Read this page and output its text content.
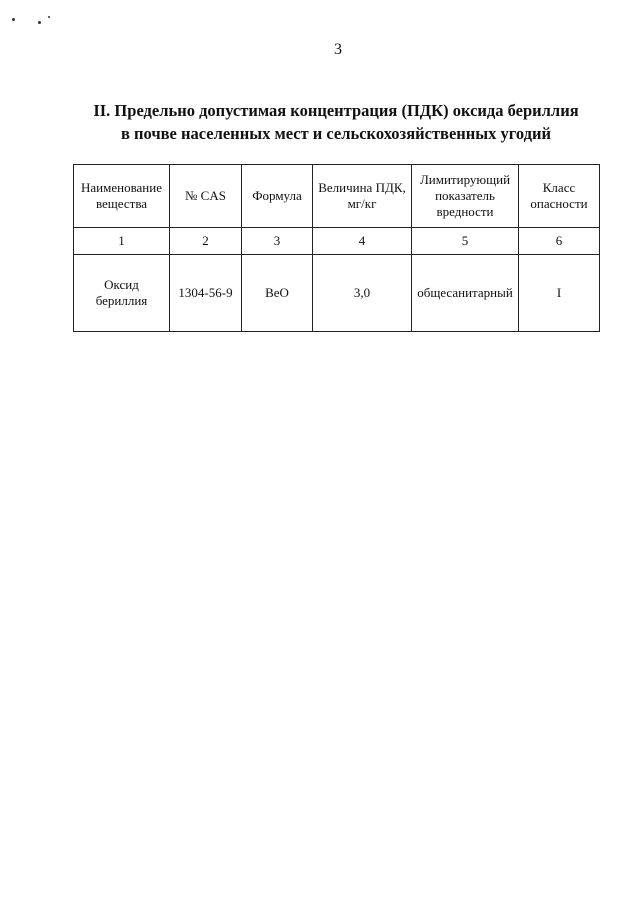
3
II. Предельно допустимая концентрация (ПДК) оксида бериллия
в почве населенных мест и сельскохозяйственных угодий
Наименование вещества	№ CAS	Формула	Величина ПДК, мг/кг	Лимитирующий показатель вредности	Класс опасности
1	2	3	4	5	6
Оксид бериллия	1304-56-9	BeO	3,0	общесанитарный	I
